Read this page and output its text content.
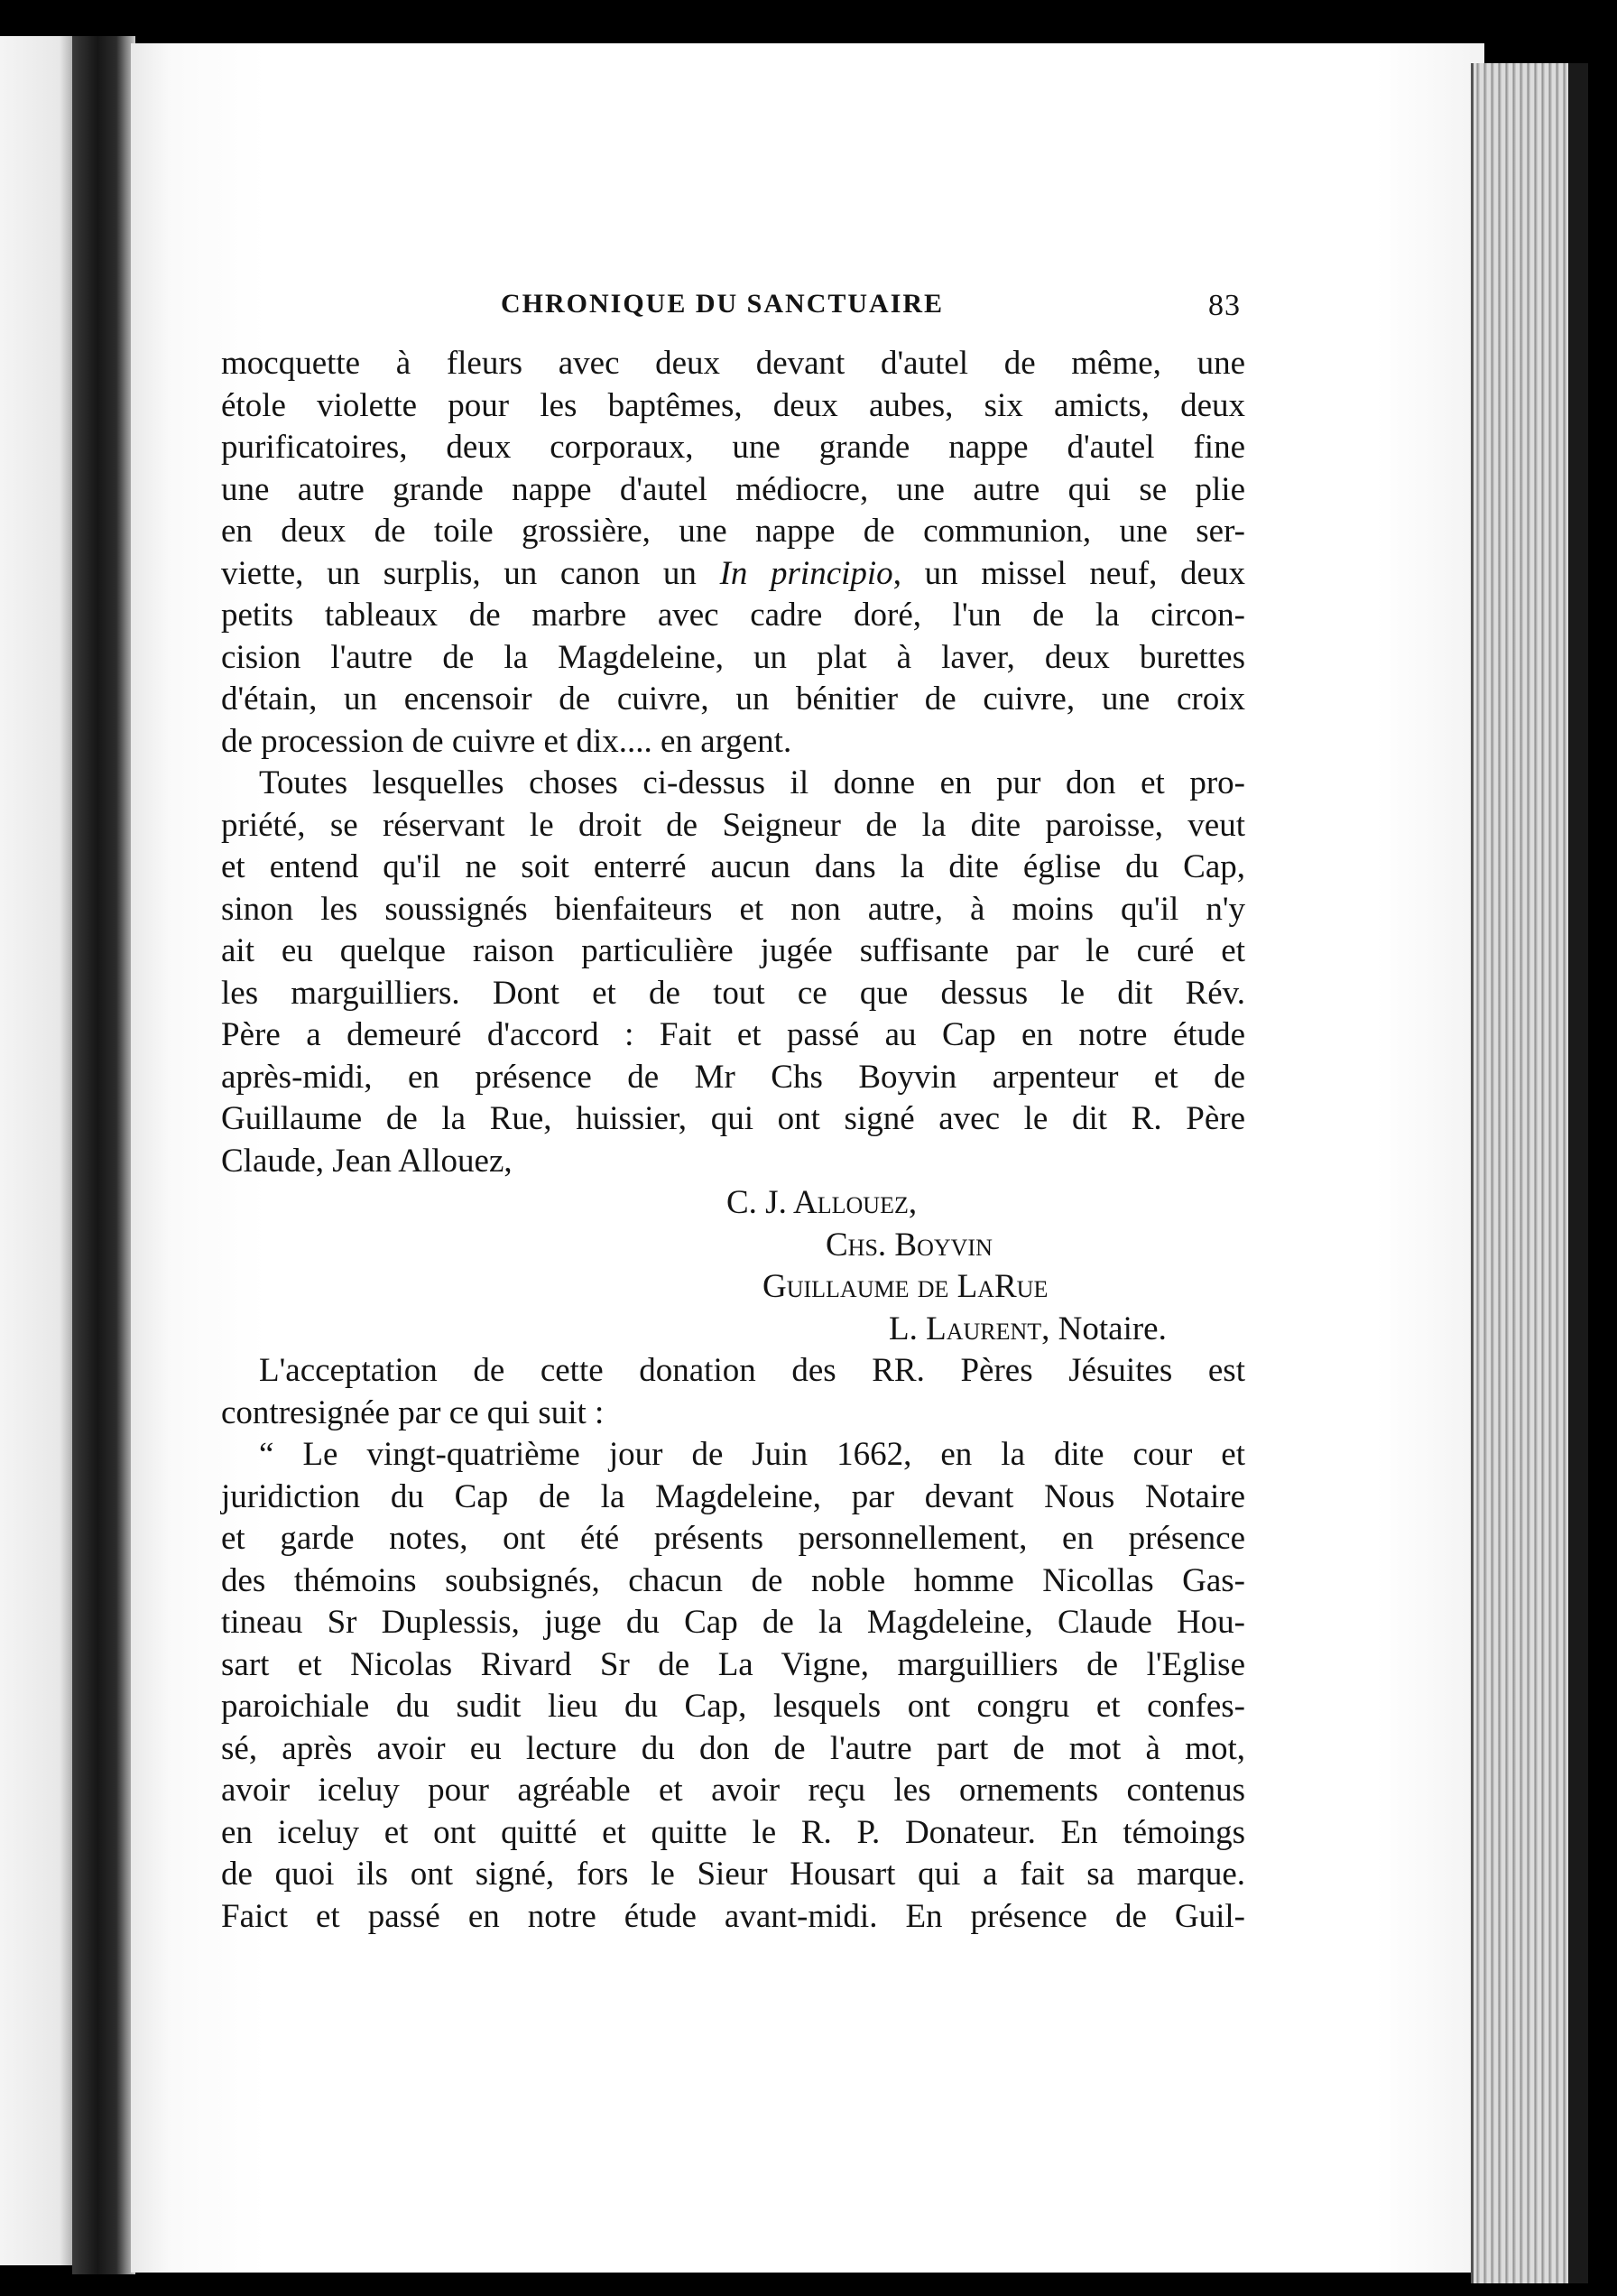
CHRONIQUE DU SANCTUAIRE	83

mocquette à fleurs avec deux devant d'autel de même, une
étole violette pour les baptêmes, deux aubes, six amicts, deux
purificatoires, deux corporaux, une grande nappe d'autel fine
une autre grande nappe d'autel médiocre, une autre qui se plie
en deux de toile grossière, une nappe de communion, une ser-
viette, un surplis, un canon un In principio, un missel neuf, deux
petits tableaux de marbre avec cadre doré, l'un de la circon-
cision l'autre de la Magdeleine, un plat à laver, deux burettes
d'étain, un encensoir de cuivre, un bénitier de cuivre, une croix
de procession de cuivre et dix.... en argent.

Toutes lesquelles choses ci-dessus il donne en pur don et pro-
priété, se réservant le droit de Seigneur de la dite paroisse, veut
et entend qu'il ne soit enterré aucun dans la dite église du Cap,
sinon les soussignés bienfaiteurs et non autre, à moins qu'il n'y
ait eu quelque raison particulière jugée suffisante par le curé et
les marguilliers. Dont et de tout ce que dessus le dit Rév.
Père a demeuré d'accord : Fait et passé au Cap en notre étude
après-midi, en présence de Mr Chs Boyvin arpenteur et de
Guillaume de la Rue, huissier, qui ont signé avec le dit R. Père
Claude, Jean Allouez,

C. J. Allouez,
Chs. Boyvin
Guillaume de LaRue
L. Laurent, Notaire.

L'acceptation de cette donation des RR. Pères Jésuites est
contresignée par ce qui suit :

“ Le vingt-quatrième jour de Juin 1662, en la dite cour et
juridiction du Cap de la Magdeleine, par devant Nous Notaire
et garde notes, ont été présents personnellement, en présence
des thémoins soubsignés, chacun de noble homme Nicollas Gas-
tineau Sr Duplessis, juge du Cap de la Magdeleine, Claude Hou-
sart et Nicolas Rivard Sr de La Vigne, marguilliers de l'Eglise
paroichiale du sudit lieu du Cap, lesquels ont congru et confes-
sé, après avoir eu lecture du don de l'autre part de mot à mot,
avoir iceluy pour agréable et avoir reçu les ornements contenus
en iceluy et ont quitté et quitte le R. P. Donateur. En témoings
de quoi ils ont signé, fors le Sieur Housart qui a fait sa marque.
Faict et passé en notre étude avant-midi. En présence de Guil-
